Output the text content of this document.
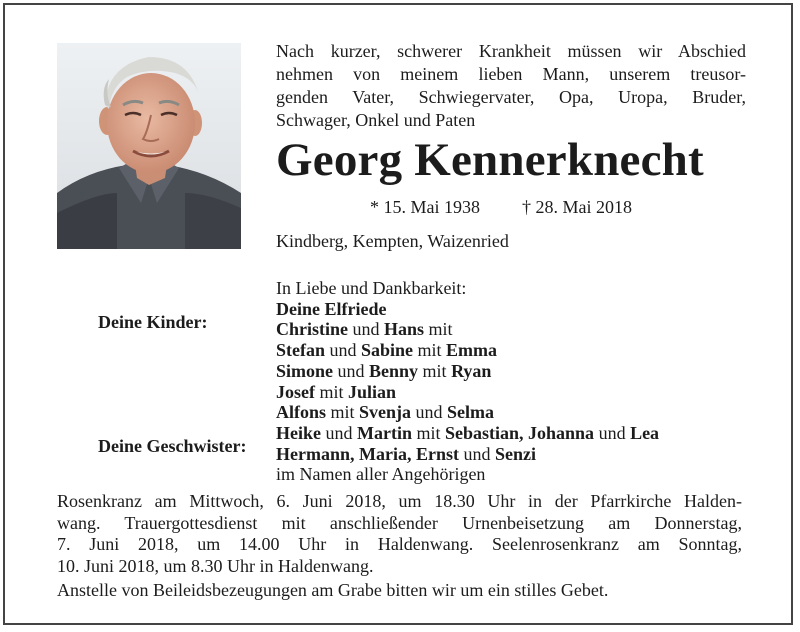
Nach kurzer, schwerer Krankheit müssen wir Abschied
nehmen von meinem lieben Mann, unserem treusor-
genden Vater, Schwiegervater, Opa, Uropa, Bruder,
Schwager, Onkel und Paten
Georg Kennerknecht
* 15. Mai 1938 † 28. Mai 2018
Kindberg, Kempten, Waizenried
Deine Kinder:
Deine Geschwister:
In Liebe und Dankbarkeit:
Deine Elfriede
Christine und Hans mit
Stefan und Sabine mit Emma
Simone und Benny mit Ryan
Josef mit Julian
Alfons mit Svenja und Selma
Heike und Martin mit Sebastian, Johanna und Lea
Hermann, Maria, Ernst und Senzi
im Namen aller Angehörigen
Rosenkranz am Mittwoch, 6. Juni 2018, um 18.30 Uhr in der Pfarrkirche Halden-
wang. Trauergottesdienst mit anschließender Urnenbeisetzung am Donnerstag,
7. Juni 2018, um 14.00 Uhr in Haldenwang. Seelenrosenkranz am Sonntag,
10. Juni 2018, um 8.30 Uhr in Haldenwang.
Anstelle von Beileidsbezeugungen am Grabe bitten wir um ein stilles Gebet.
